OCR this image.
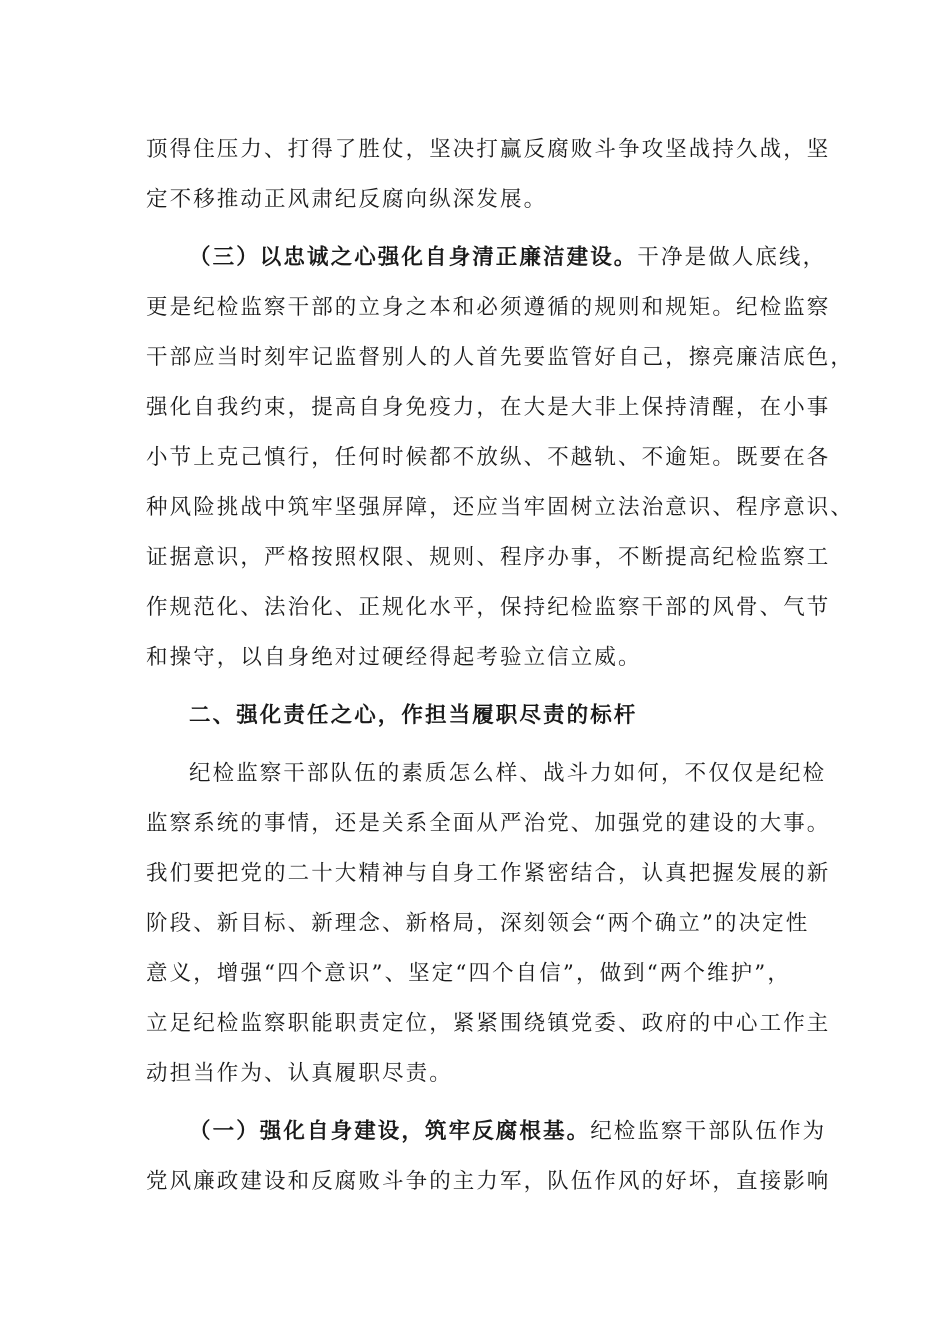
顶得住压力、打得了胜仗，坚决打赢反腐败斗争攻坚战持久战，坚
定不移推动正风肃纪反腐向纵深发展。
（三）以忠诚之心强化自身清正廉洁建设。干净是做人底线，
更是纪检监察干部的立身之本和必须遵循的规则和规矩。纪检监察
干部应当时刻牢记监督别人的人首先要监管好自己，擦亮廉洁底色，
强化自我约束，提高自身免疫力，在大是大非上保持清醒，在小事
小节上克己慎行，任何时候都不放纵、不越轨、不逾矩。既要在各
种风险挑战中筑牢坚强屏障，还应当牢固树立法治意识、程序意识、
证据意识，严格按照权限、规则、程序办事，不断提高纪检监察工
作规范化、法治化、正规化水平，保持纪检监察干部的风骨、气节
和操守，以自身绝对过硬经得起考验立信立威。
二、强化责任之心，作担当履职尽责的标杆
纪检监察干部队伍的素质怎么样、战斗力如何，不仅仅是纪检
监察系统的事情，还是关系全面从严治党、加强党的建设的大事。
我们要把党的二十大精神与自身工作紧密结合，认真把握发展的新
阶段、新目标、新理念、新格局，深刻领会“两个确立”的决定性
意义，增强“四个意识”、坚定“四个自信”，做到“两个维护”，
立足纪检监察职能职责定位，紧紧围绕镇党委、政府的中心工作主
动担当作为、认真履职尽责。
（一）强化自身建设，筑牢反腐根基。纪检监察干部队伍作为
党风廉政建设和反腐败斗争的主力军，队伍作风的好坏，直接影响
